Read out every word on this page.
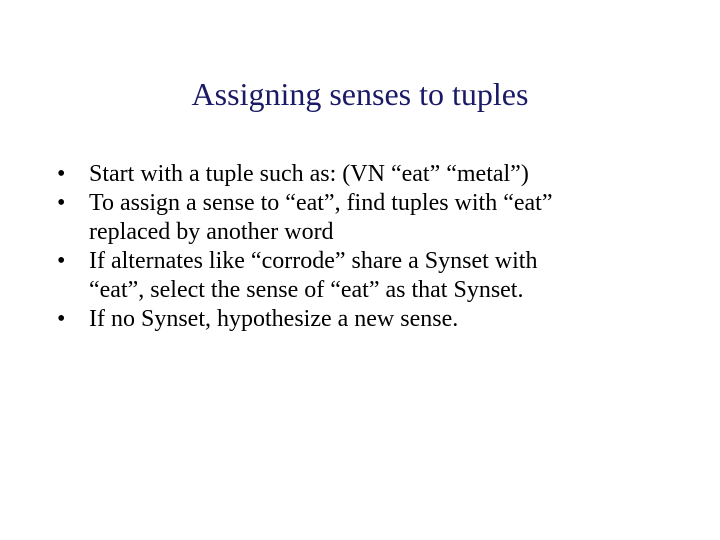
Assigning senses to tuples
• Start with a tuple such as: (VN “eat” “metal”)
• To assign a sense to “eat”, find tuples with “eat”
replaced by another word
• If alternates like “corrode” share a Synset with
“eat”, select the sense of “eat” as that Synset.
• If no Synset, hypothesize a new sense.
